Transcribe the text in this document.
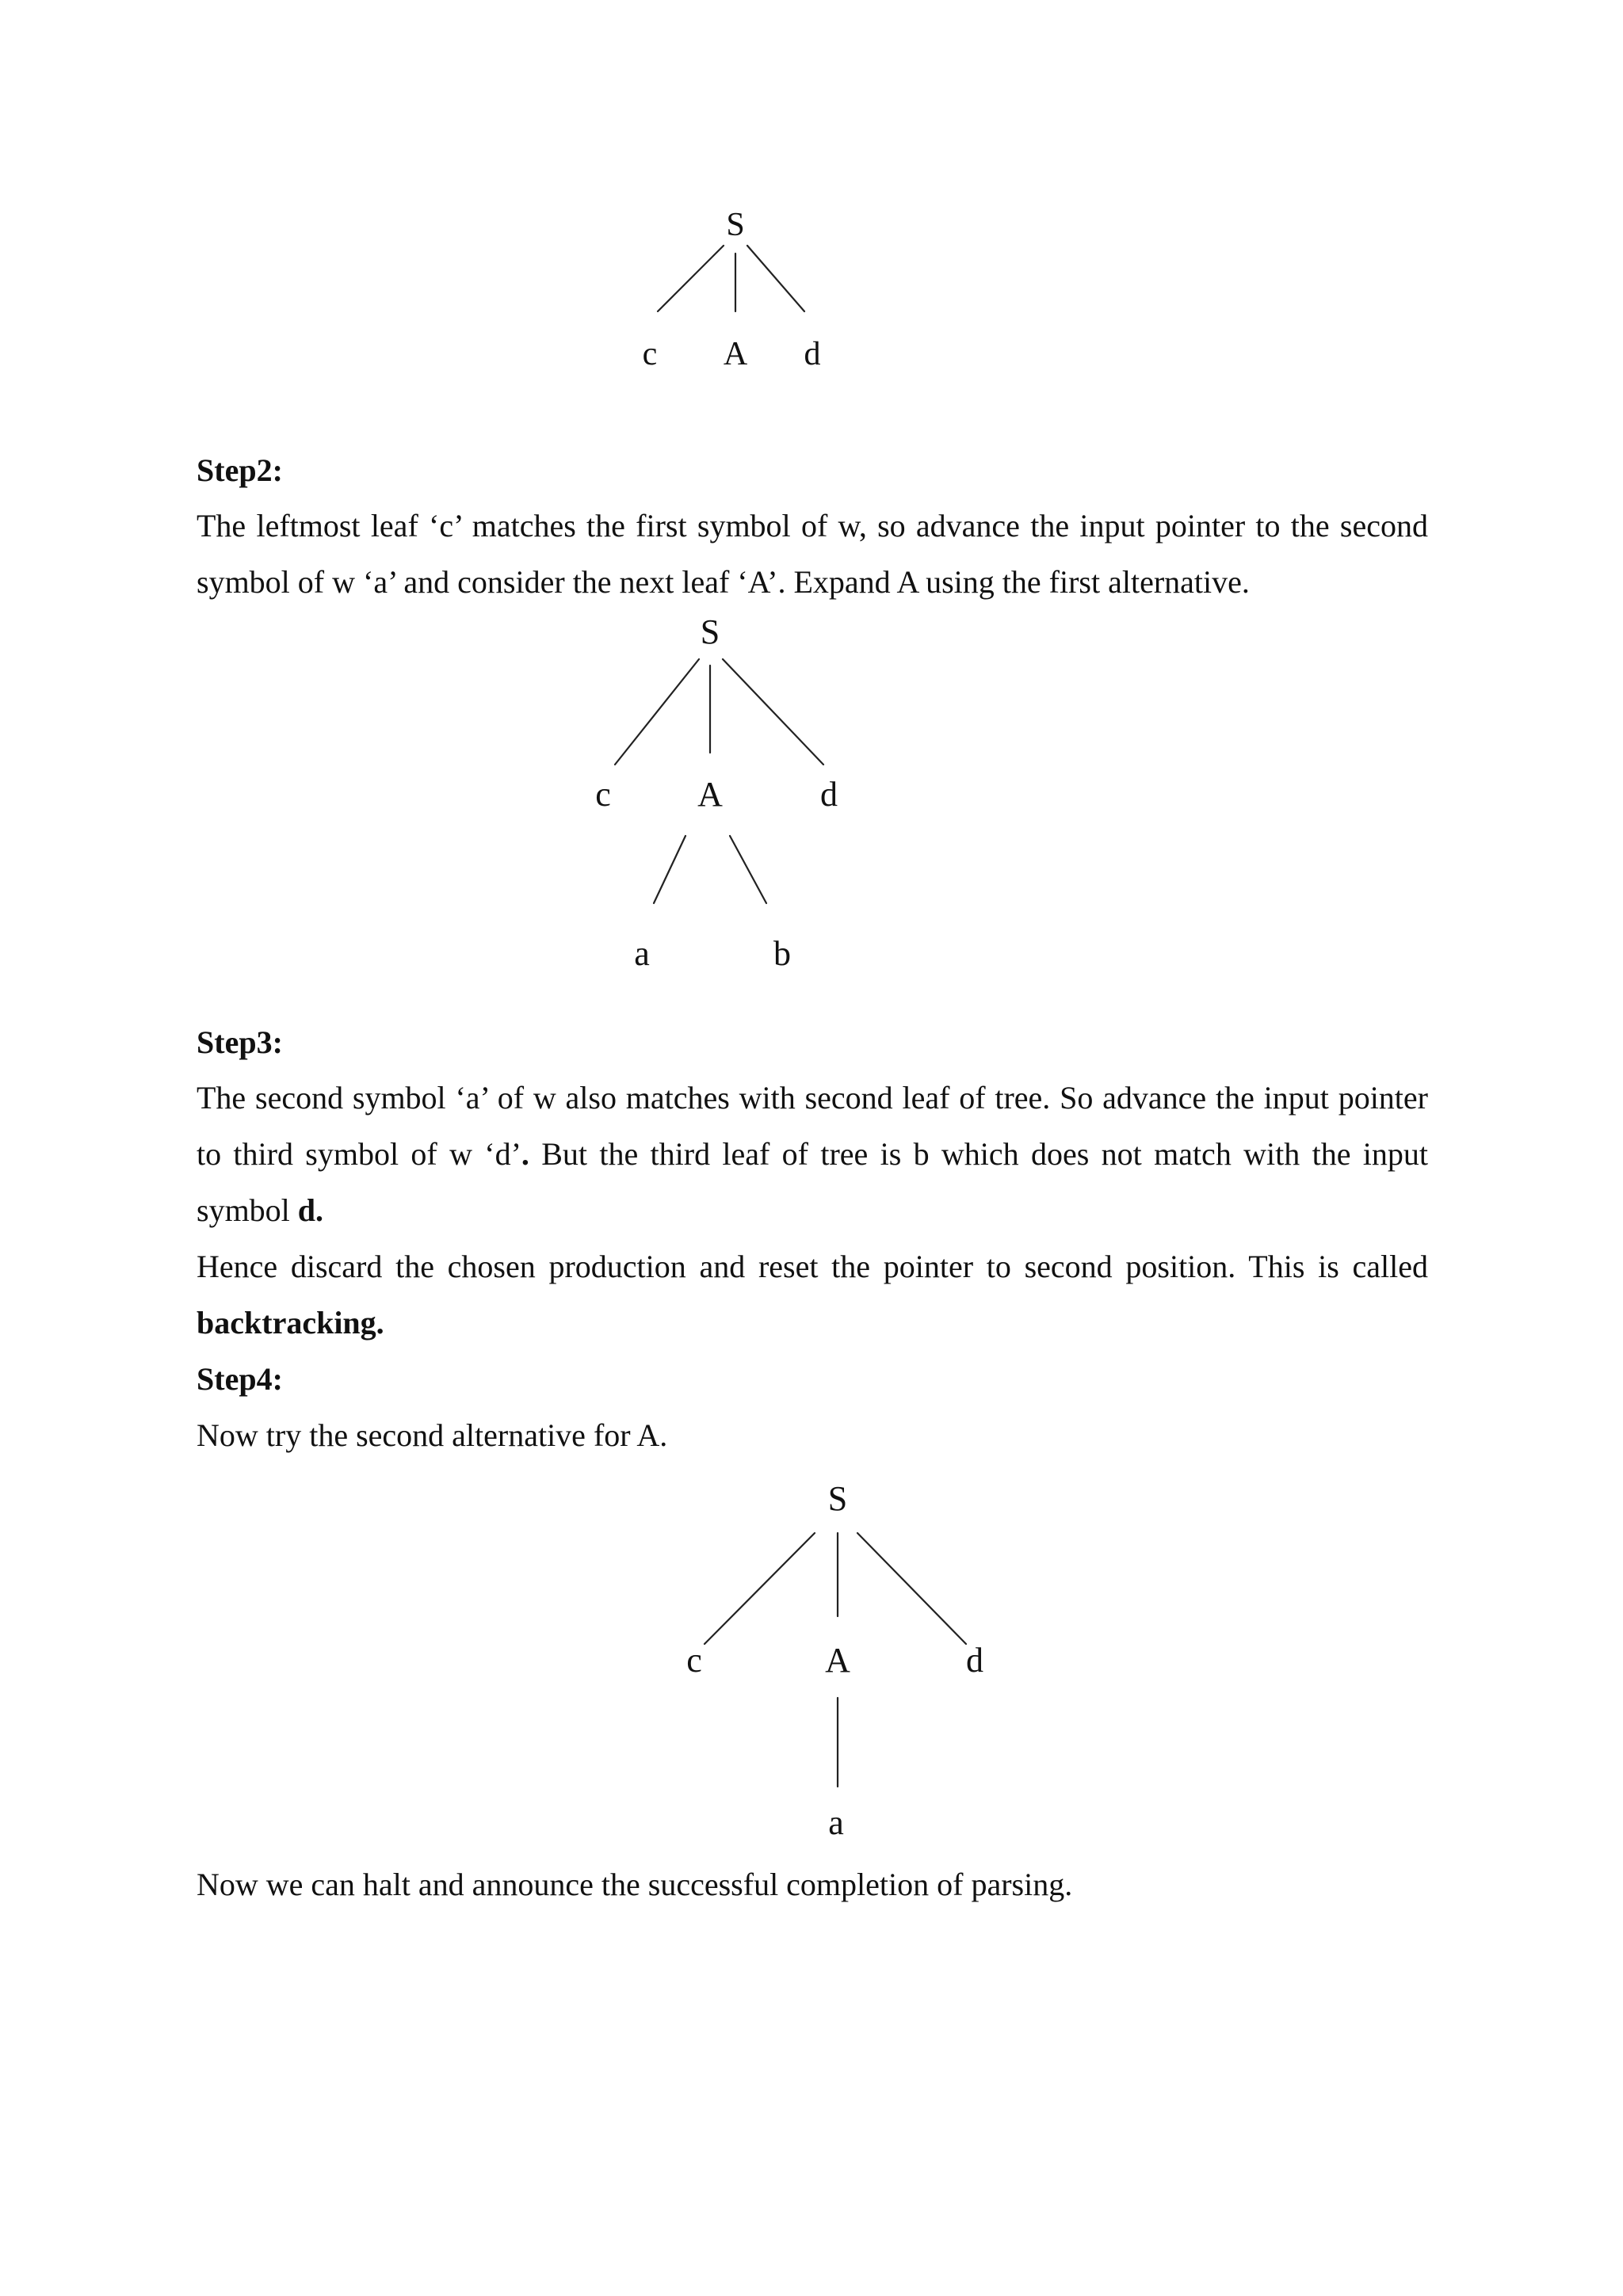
S
c A d
Step2:

The leftmost leaf ‘c’ matches the first symbol of w, so advance the input pointer to the second symbol of w ‘a’ and consider the next leaf ‘A’. Expand A using the first alternative.

S
c A	d
a	b
Step3:

The second symbol ‘a’ of w also matches with second leaf of tree. So advance the input pointer to third symbol of w ‘d’. But the third leaf of tree is b which does not match with the input symbol d.

Hence discard the chosen production and reset the pointer to second position. This is called backtracking.

Step4:

Now try the second alternative for A.

S
c	A	d
a

Now we can halt and announce the successful completion of parsing.
